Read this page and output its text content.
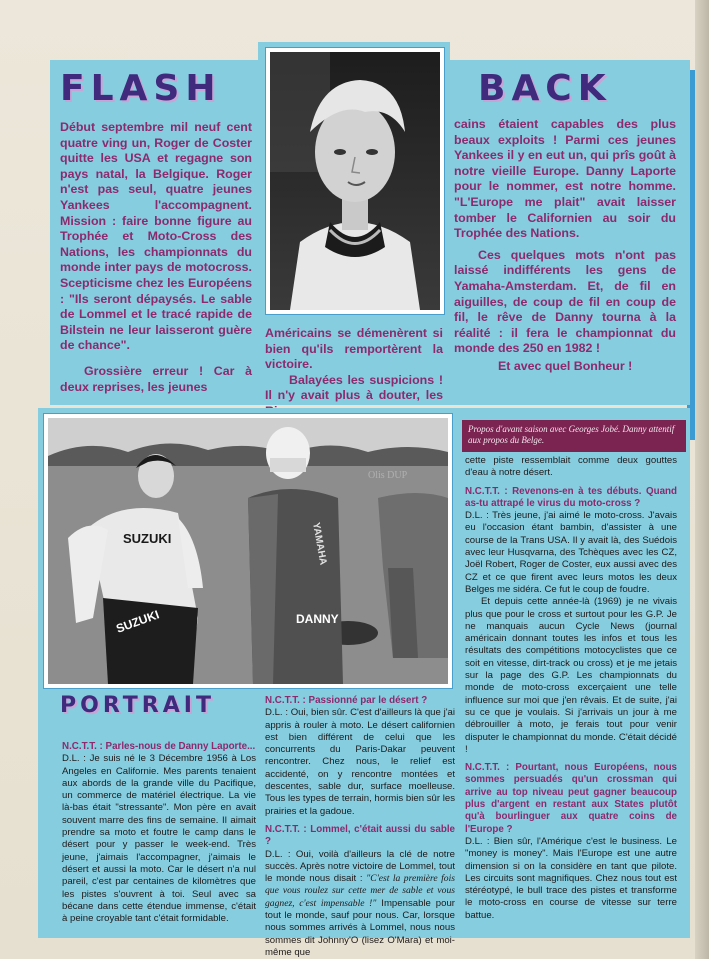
FLASH	BACK

Début septembre mil neuf cent quatre ving un, Roger de Coster quitte les USA et regagne son pays natal, la Belgique. Roger n'est pas seul, quatre jeunes Yankees l'accompagnent. Mission : faire bonne figure au Trophée et Moto-Cross des Nations, les championnats du monde inter pays de motocross. Scepticisme chez les Européens : "Ils seront dépaysés. Le sable de Lommel et le tracé rapide de Bilstein ne leur laisseront guère de chance".

Grossière erreur ! Car à deux reprises, les jeunes

Américains se démenèrent si bien qu'ils remportèrent la victoire.

Balayées les suspicions ! Il n'y avait plus à douter, les

cains étaient capables des plus beaux exploits ! Parmi ces jeunes Yankees il y en eut un, qui prîs goût à notre vieille Europe. Danny Laporte pour le nommer, est notre homme. "L'Europe me plait" avait laisser tomber le Californien au soir du Trophée des Nations.

Ces quelques mots n'ont pas laissé indifférents les gens de Yamaha-Amsterdam. Et, de fil en aiguilles, de coup de fil en coup de fil, le rêve de Danny tourna à la réalité : il fera le championnat du monde des 250 en 1982 !

Et avec quel Bonheur !

Propos d'avant saison avec Georges Jobé. Danny attentif aux propos du Belge.
SUZUKI
SUZUKI
YAMAHA
DANNY
Olis DUP
PORTRAIT

N.C.T.T. : Parles-nous de Danny Laporte...

D.L. : Je suis né le 3 Décembre 1956 à Los Angeles en Californie. Mes parents tenaient aux abords de la grande ville du Pacifique, un commerce de matériel électrique. La vie là-bas était "stressante". Mon père en avait souvent marre des fins de semaine. Il aimait prendre sa moto et foutre le camp dans le désert pour y passer le week-end. Très jeune, j'aimais l'accompagner, j'aimais le désert et aussi la moto. Car le désert n'a nul pareil, c'est par centaines de kilomètres que les pistes s'ouvrent à toi. Seul avec sa bécane dans cette étendue immense, c'était à peine croyable tant c'était formidable.

N.C.T.T. : Passionné par le désert ?

D.L. : Oui, bien sûr. C'est d'ailleurs là que j'ai appris à rouler à moto. Le désert californien est bien différent de celui que les concurrents du Paris-Dakar peuvent rencontrer. Chez nous, le relief est accidenté, on y rencontre montées et descentes, sable dur, surface moelleuse. Tous les types de terrain, hormis bien sûr les prairies et la gadoue.

N.C.T.T. : Lommel, c'était aussi du sable ?

D.L. : Oui, voilà d'ailleurs la clé de notre succès. Après notre victoire de Lommel, tout le monde nous disait : "C'est la première fois que vous roulez sur cette mer de sable et vous gagnez, c'est impensable !" Impensable pour tout le monde, sauf pour nous. Car, lorsque nous sommes arrivés à Lommel, nous nous sommes dit Johnny'O (lisez O'Mara) et moi-même que

cette piste ressemblait comme deux gouttes d'eau à notre désert.

N.C.T.T. : Revenons-en à tes débuts. Quand as-tu attrapé le virus du moto-cross ?

D.L. : Très jeune, j'ai aimé le moto-cross. J'avais eu l'occasion étant bambin, d'assister à une course de la Trans USA. Il y avait là, des Suédois avec leur Husqvarna, des Tchèques avec les CZ, Joël Robert, Roger de Coster, eux aussi avec des CZ et ce que firent avec leurs motos les deux Belges me sidéra. Ce fut le coup de foudre.

Et depuis cette année-là (1969) je ne vivais plus que pour le cross et surtout pour les G.P. Je ne manquais aucun Cycle News (journal américain donnant toutes les infos et tous les résultats des compétitions motocyclistes que ce soit en vitesse, dirt-track ou cross) et je me jetais sur la page des G.P. Les championnats du monde de moto-cross excerçaient une telle influence sur moi que j'en rêvais. Et de suite, j'ai su ce que je voulais. Si j'arrivais un jour à me débrouiller à moto, je ferais tout pour venir disputer le championnat du monde. C'était décidé !

N.C.T.T. : Pourtant, nous Européens, nous sommes persuadés qu'un crossman qui arrive au top niveau peut gagner beaucoup plus d'argent en restant aux States plutôt qu'à bourlinguer aux quatre coins de l'Europe ?

D.L. : Bien sûr, l'Amérique c'est le business. Le "money is money". Mais l'Europe est une autre dimension si on la considère en tant que pilote. Les circuits sont magnifiques. Chez nous tout est stéréotypé, le bull trace des pistes et transforme le moto-cross en course de vitesse sur terre battue.
